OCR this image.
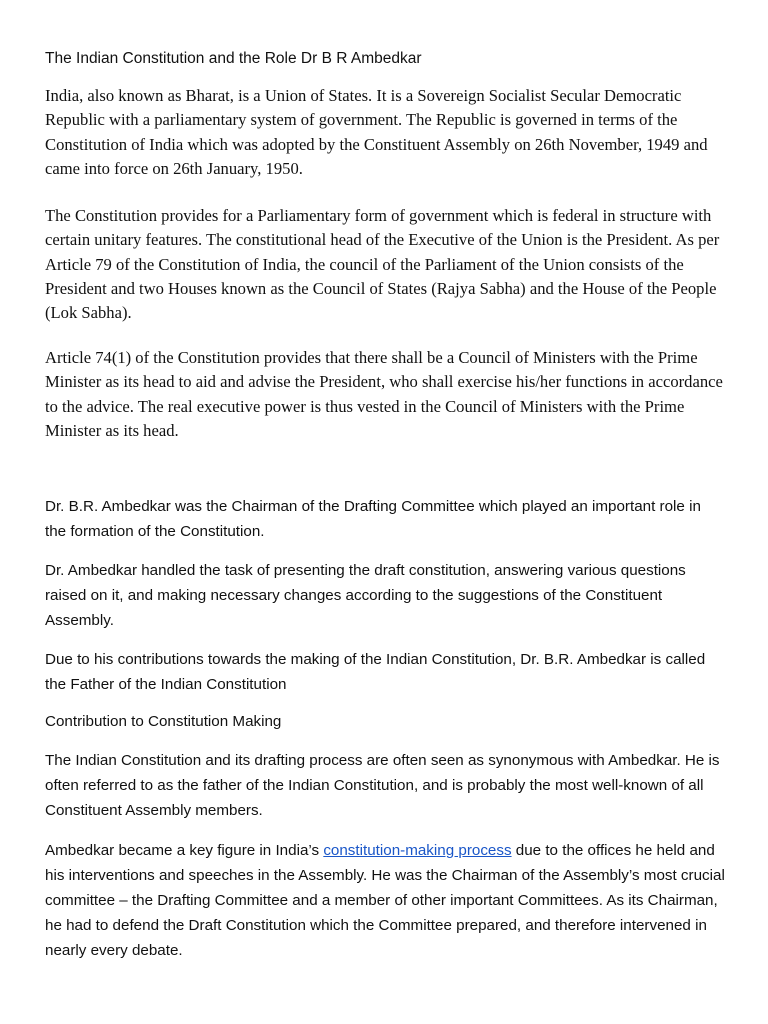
The Indian Constitution and the Role Dr B R Ambedkar

India, also known as Bharat, is a Union of States. It is a Sovereign Socialist Secular Democratic Republic with a parliamentary system of government. The Republic is governed in terms of the Constitution of India which was adopted by the Constituent Assembly on 26th November, 1949 and came into force on 26th January, 1950.

The Constitution provides for a Parliamentary form of government which is federal in structure with certain unitary features. The constitutional head of the Executive of the Union is the President. As per Article 79 of the Constitution of India, the council of the Parliament of the Union consists of the President and two Houses known as the Council of States (Rajya Sabha) and the House of the People (Lok Sabha).

Article 74(1) of the Constitution provides that there shall be a Council of Ministers with the Prime Minister as its head to aid and advise the President, who shall exercise his/her functions in accordance to the advice. The real executive power is thus vested in the Council of Ministers with the Prime Minister as its head.

Dr. B.R. Ambedkar was the Chairman of the Drafting Committee which played an important role in the formation of the Constitution.

Dr. Ambedkar handled the task of presenting the draft constitution, answering various questions raised on it, and making necessary changes according to the suggestions of the Constituent Assembly.

Due to his contributions towards the making of the Indian Constitution, Dr. B.R. Ambedkar is called the Father of the Indian Constitution

Contribution to Constitution Making

The Indian Constitution and its drafting process are often seen as synonymous with Ambedkar. He is often referred to as the father of the Indian Constitution, and is probably the most well-known of all Constituent Assembly members.

Ambedkar became a key figure in India’s constitution-making process due to the offices he held and his interventions and speeches in the Assembly. He was the Chairman of the Assembly’s most crucial committee – the Drafting Committee and a member of other important Committees. As its Chairman, he had to defend the Draft Constitution which the Committee prepared, and therefore intervened in nearly every debate.
